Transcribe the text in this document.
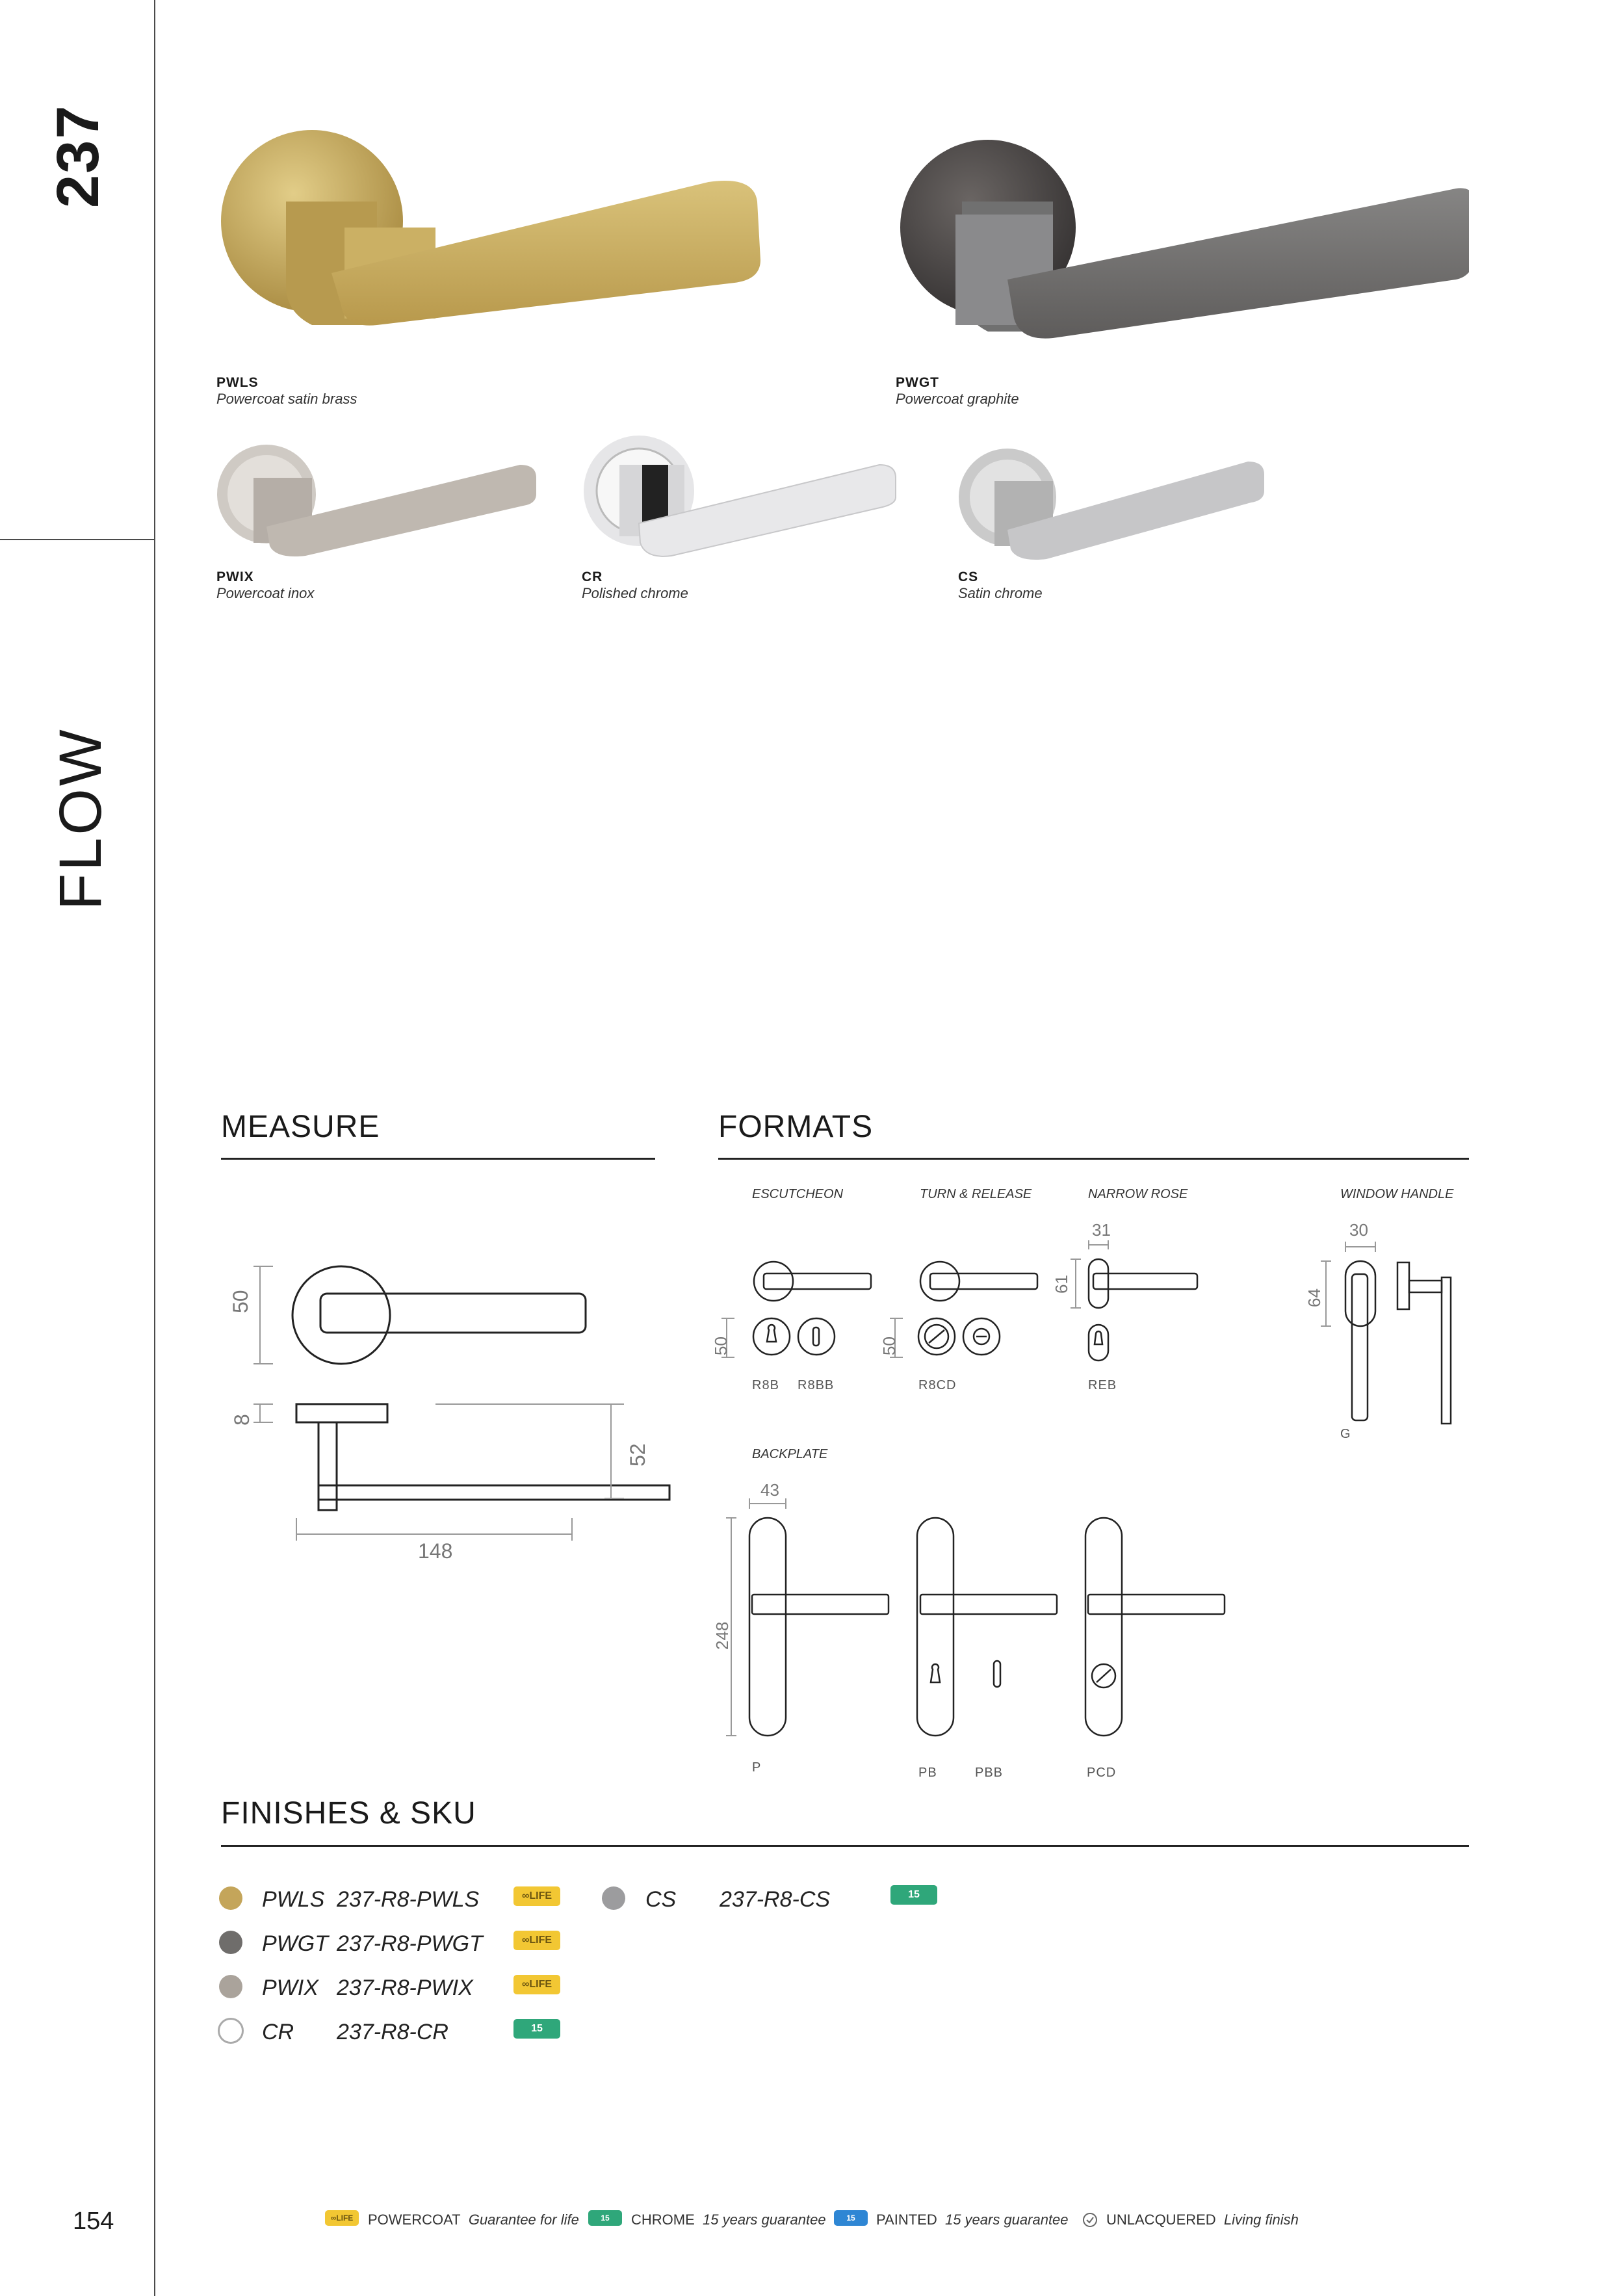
237
FLOW
154
PWLS
Powercoat satin brass
PWGT
Powercoat graphite
PWIX
Powercoat inox
CR
Polished chrome
CS
Satin chrome
MEASURE
50
8
52
148
FORMATS
ESCUTCHEON	TURN & RELEASE	NARROW ROSE	WINDOW HANDLE
BACKPLATE
50	50
31
61
30
64
43
248
R8B R8BB	R8CD	REB
G
P	PB	PBB	PCD
FINISHES & SKU
PWLS 237-R8-PWLS	∞LIFE
PWGT 237-R8-PWGT	∞LIFE
PWIX 237-R8-PWIX	∞LIFE
CR 237-R8-CR	15
CS 237-R8-CS	15
∞LIFE	POWERCOAT Guarantee for life	15	CHROME 15 years guarantee	15	PAINTED 15 years guarantee	UNLACQUERED Living finish
